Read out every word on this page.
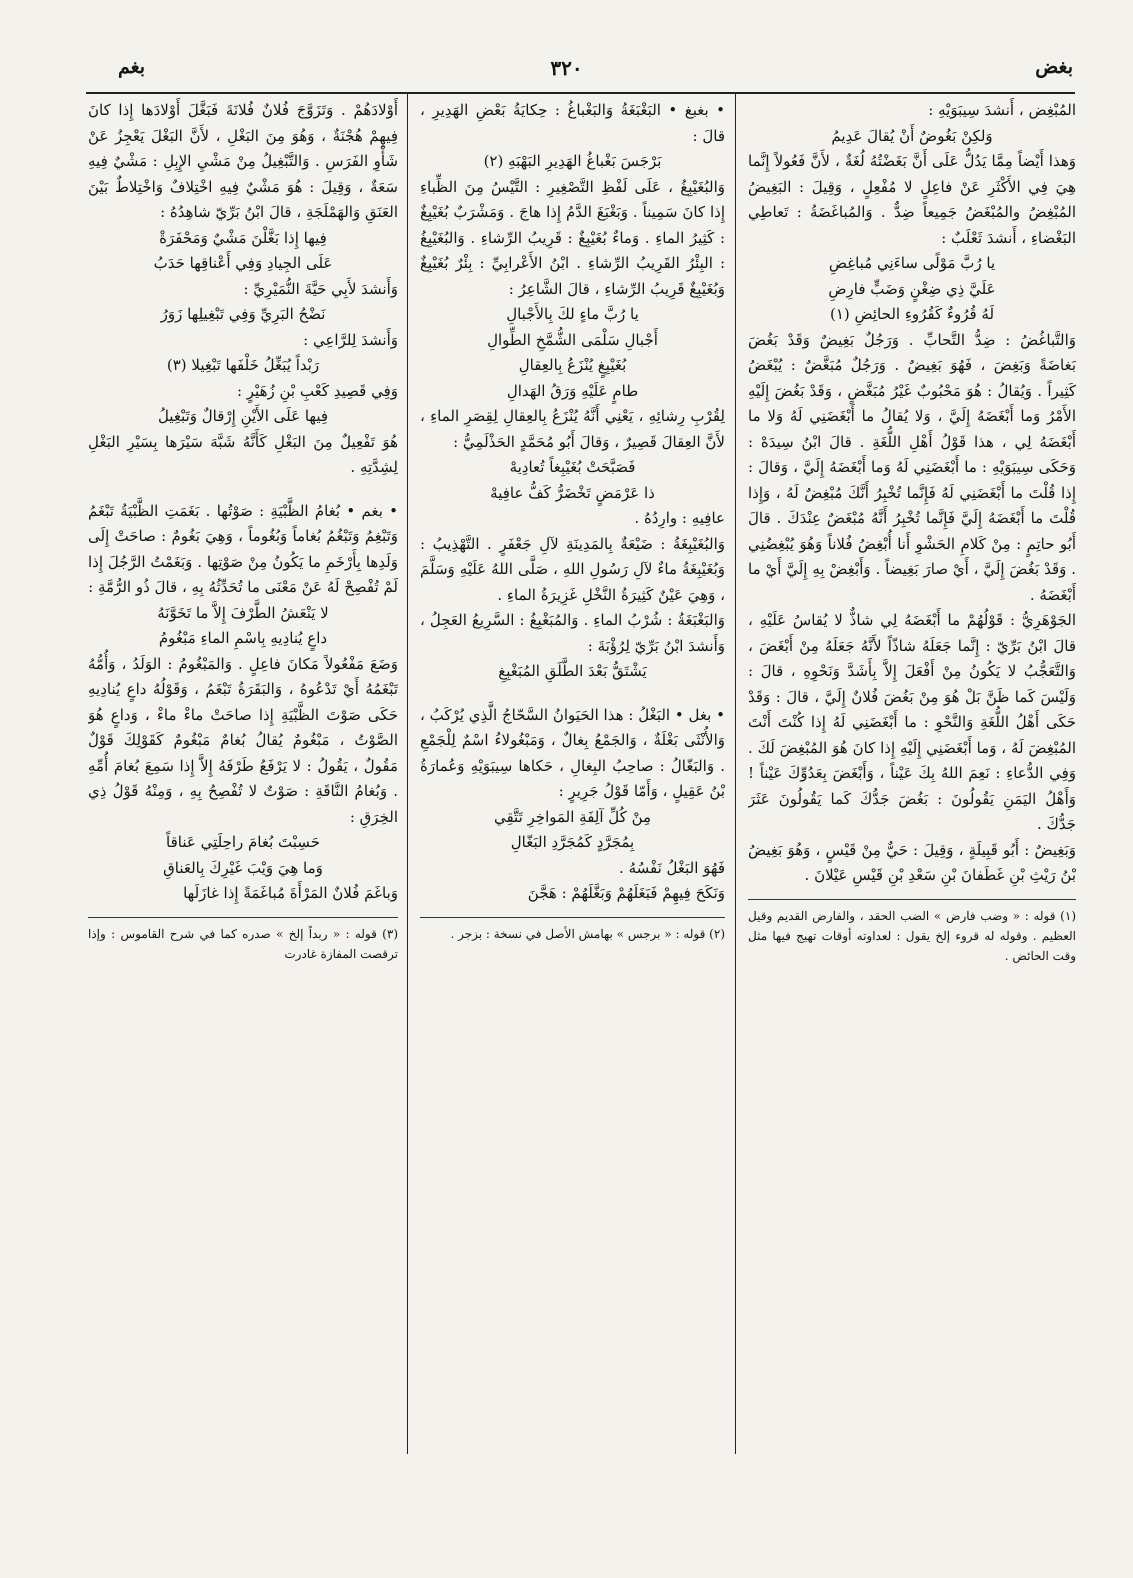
بغض
٣٢٠
بغم

المُبْغِض ، أَنشدَ سِيبَوَيْهِ :

وَلكِنْ بَغُوضٌ أَنْ يُقالَ عَدِيمُ

وَهذا أَيْضاً مِمَّا يَدُلُّ عَلَى أَنَّ بَغَضْتُهُ لُغَةٌ ، لأَنَّ فَعُولاً إِنَّما هِيَ فِي الأَكْثَرِ عَنْ فاعِلٍ لا مُفْعِلٍ ، وَقِيلَ : البَغِيضُ المُبْغِضُ والمُبْغَضُ جَمِيعاً ضِدٌّ . وَالمُباغَضَةُ : تَعاطِي البَغْضاءِ ، أَنشدَ ثَعْلَبٌ :

يا رُبَّ مَوْلًى ساءَنِي مُباغِضِ

عَلَيَّ ذِي ضِغْنٍ وَضَبٍّ فارِضِ

لَهُ قُرُوءٌ كَقُرُوءِ الحائِضِ (١)

وَالتَّباغُضُ : ضِدُّ التَّحابِّ . وَرَجُلٌ بَغِيضٌ وَقَدْ بَغُضَ بَغاضَةً وَبَغِضَ ، فَهُوَ بَغِيضٌ . وَرَجُلٌ مُبَغَّضٌ : يُبْغَضُ كَثِيراً . وَيُقالُ : هُوَ مَحْبُوبٌ غَيْرُ مُبَغَّضٍ ، وَقَدْ بَغُضَ إِلَيْهِ الأَمْرُ وَما أَبْغَضَهُ إِلَيَّ ، وَلا يُقالُ ما أَبْغَضَنِي لَهُ وَلا ما أَبْغَضَهُ لِي ، هذا قَوْلُ أَهْلِ اللُّغَةِ . قالَ ابْنُ سِيدَهْ : وَحَكَى سِيبَوَيْهِ : ما أَبْغَضَنِي لَهُ وَما أَبْغَضَهُ إِلَيَّ ، وَقالَ : إِذا قُلْتَ ما أَبْغَضَنِي لَهُ فَإِنَّما تُخْبِرُ أَنَّكَ مُبْغِضٌ لَهُ ، وَإِذا قُلْتَ ما أَبْغَضَهُ إِلَيَّ فَإِنَّما تُخْبِرُ أَنَّهُ مُبْغَضٌ عِنْدَكَ . قالَ أَبُو حاتِمٍ : مِنْ كَلامِ الحَشْوِ أَنا أُبْغِضُ فُلاناً وَهُوَ يُبْغِضُنِي . وَقَدْ بَغُضَ إِلَيَّ ، أَيْ صارَ بَغِيضاً . وَأَبْغِضْ بِهِ إِلَيَّ أَيْ ما أَبْغَضَهُ .

الجَوْهَرِيُّ : قَوْلُهُمْ ما أَبْغَضَهُ لِي شاذٌّ لا يُقاسُ عَلَيْهِ ، قالَ ابْنُ بَرِّيّ : إِنَّما جَعَلَهُ شاذّاً لأَنَّهُ جَعَلَهُ مِنْ أَبْغَضَ ، وَالتَّعَجُّبُ لا يَكُونُ مِنْ أَفْعَلَ إِلاَّ بِأَشَدَّ وَنَحْوِهِ ، قالَ : وَلَيْسَ كَما ظَنَّ بَلْ هُوَ مِنْ بَغُضَ فُلانٌ إِلَيَّ ، قالَ : وَقَدْ حَكَى أَهْلُ اللُّغَةِ وَالنَّحْوِ : ما أَبْغَضَنِي لَهُ إِذا كُنْتَ أَنْتَ المُبْغِضَ لَهُ ، وَما أَبْغَضَنِي إِلَيْهِ إِذا كانَ هُوَ المُبْغِضَ لَكَ . وَفِي الدُّعاءِ : نَعِمَ اللهُ بِكَ عَيْناً ، وَأَبْغَضَ بِعَدُوِّكَ عَيْناً ! وَأَهْلُ اليَمَنِ يَقُولُونَ : بَغُضَ جَدُّكَ كَما يَقُولُونَ عَثَرَ جَدُّكَ .

وَبَغِيضٌ : أَبُو قَبِيلَةٍ ، وَقِيلَ : حَيٌّ مِنْ قَيْسٍ ، وَهُوَ بَغِيضُ بْنُ رَيْثِ بْنِ غَطَفانَ بْنِ سَعْدِ بْنِ قَيْسِ عَيْلانَ .

(١) قوله : « وضب فارض » الضب الحقد ، والفارض القديم وقيل العظيم . وقوله له قروء إلخ يقول : لعداوته أوقات تهيج فيها مثل وقت الحائض .

• بغبغ • البَغْبَغَةُ وَالبَغْباغُ : حِكايَةُ بَعْضِ الهَدِيرِ ، قالَ :

بَرْجَسَ بَغْباغُ الهَدِيرِ البَهْبَهِ (٢)

وَالبُغَيْبِغُ ، عَلَى لَفْظِ التَّصْغِيرِ : التَّيْسُ مِنَ الظِّباءِ إِذا كانَ سَمِيناً . وَبَغْبَغَ الدَّمُ إِذا هاجَ . وَمَشْرَبٌ بُغَيْبِغٌ : كَثِيرُ الماءِ . وَماءٌ بُغَيْبِغٌ : قَرِيبُ الرِّشاءِ . وَالبُغَيْبِغُ : البِئْرُ القَرِيبُ الرِّشاءِ . ابْنُ الأَعْرابِيِّ : بِئْرٌ بُغَيْبِغٌ وَبُغَيْبِغٌ قَرِيبُ الرِّشاءِ ، قالَ الشَّاعِرُ :

يا رُبَّ ماءٍ لكَ بِالأَجْبالِ

أَجْبالِ سَلْمَى الشُّمَّخِ الطِّوالِ

بُغَيْبِغٍ يُنْزَعُ بِالعِقالِ

طامٍ عَلَيْهِ وَرَقُ الهَدالِ

لِقُرْبِ رِشائِهِ ، يَعْنِي أَنَّهُ يُنْزَعُ بِالعِقالِ لِقِصَرِ الماءِ ، لأَنَّ العِقالَ قَصِيرٌ ، وَقالَ أَبُو مُحَمَّدٍ الحَذْلَمِيُّ :

فَصَبَّحَتْ بُغَيْبِغاً تُعادِيهْ

ذا عَرْمَضٍ تَخْضَرُّ كَفُّ عافِيهْ

عافِيهِ : وارِدُهُ .

وَالبُغَيْبِغَةُ : ضَيْعَةٌ بِالمَدِينَةِ لآلِ جَعْفَرٍ . التَّهْذِيبُ : وَبُغَيْبِغَةُ ماءٌ لآلِ رَسُولِ اللهِ ، صَلَّى اللهُ عَلَيْهِ وَسَلَّمَ ، وَهِيَ عَيْنٌ كَثِيرَةُ النَّخْلِ غَزِيرَةُ الماءِ .

وَالبَغْبَغَةُ : شُرْبُ الماءِ . وَالمُبَغْبِغُ : السَّرِيعُ العَجِلُ ، وَأَنشدَ ابْنُ بَرِّيّ لِرُؤْبَةَ :

يَشْتَقُّ بَعْدَ الطَّلَقِ المُبَغْبِغِ

• بغل • البَغْلُ : هذا الحَيَوانُ السَّحّاجُ الَّذِي يُرْكَبُ ، وَالأُنْثَى بَغْلَةٌ ، وَالجَمْعُ بِغالٌ ، وَمَبْغُولاءُ اسْمٌ لِلْجَمْعِ . وَالبَغّالُ : صاحِبُ البِغالِ ، حَكاها سِيبَوَيْهِ وَعُمارَةُ بْنُ عَقِيلٍ ، وَأَمّا قَوْلُ جَرِيرٍ :

مِنْ كُلِّ آلِفَةِ المَواخِرِ تَتَّقِي

بِمُجَرَّدٍ كَمُجَرَّدِ البَغّالِ

فَهُوَ البَغْلُ نَفْسُهُ .

وَنَكَحَ فِيهِمْ فَبَغَلَهُمْ وَبَغَّلَهُمْ : هَجَّنَ

(٢) قوله : « برجس » بهامش الأصل في نسخة : بزجر .

أَوْلادَهُمْ . وَتَزَوَّجَ فُلانٌ فُلانَةَ فَبَغَّلَ أَوْلادَها إِذا كانَ فِيهِمْ هُجْنَةٌ ، وَهُوَ مِنَ البَغْلِ ، لأَنَّ البَغْلَ يَعْجِزُ عَنْ شَأْوِ الفَرَسِ . وَالتَّبْغِيلُ مِنْ مَشْيِ الإِبِلِ : مَشْيٌ فِيهِ سَعَةٌ ، وَقِيلَ : هُوَ مَشْيٌ فِيهِ اخْتِلافٌ وَاخْتِلاطٌ بَيْنَ العَنَقِ وَالهَمْلَجَةِ ، قالَ ابْنُ بَرِّيّ شاهِدُهُ :

فِيها إِذا بَغَّلْنَ مَشْيٌ وَمَحْفَرَةْ

عَلَى الجِيادِ وَفِي أَعْناقِها حَدَبُ

وَأَنشدَ لأَبِي حَيَّةَ النُّمَيْرِيِّ :

نَضْحُ البَرِيِّ وَفِي تَبْغِيلِها زَوَرُ

وَأَنشدَ لِلرَّاعِي :

رَبْداً يُبَغِّلُ خَلْفَها تَبْغِيلا (٣)

وَفِي قَصِيدِ كَعْبِ بْنِ زُهَيْرٍ :

فِيها عَلَى الأَيْنِ إِرْقالٌ وَتَبْغِيلُ

هُوَ تَفْعِيلٌ مِنَ البَغْلِ كَأَنَّهُ شَبَّهَ سَيْرَها بِسَيْرِ البَغْلِ لِشِدَّتِهِ .

• بغم • بُغامُ الظَّبْيَةِ : صَوْتُها . بَغَمَتِ الظَّبْيَةُ تَبْغَمُ وَتَبْغِمُ وَتَبْغُمُ بُغاماً وَبُغُوماً ، وَهِيَ بَغُومٌ : صاحَتْ إِلَى وَلَدِها بِأَرْخَمِ ما يَكُونُ مِنْ صَوْتِها . وَبَغَمْتُ الرَّجُلَ إِذا لَمْ تُفْصِحْ لَهُ عَنْ مَعْنَى ما تُحَدِّثُهُ بِهِ ، قالَ ذُو الرُّمَّةِ :

لا يَنْعَشُ الطَّرْفَ إِلاَّ ما تَخَوَّنَهُ

داعٍ يُنادِيهِ بِاسْمِ الماءِ مَبْغُومُ

وَضَعَ مَفْعُولاً مَكانَ فاعِلٍ . وَالمَبْغُومُ : الوَلَدُ ، وَأُمُّهُ تَبْغَمُهُ أَيْ تَدْعُوهُ ، وَالبَقَرَةُ تَبْغَمُ ، وَقَوْلُهُ داعٍ يُنادِيهِ حَكَى صَوْتَ الظَّبْيَةِ إِذا صاحَتْ ماءْ ماءْ ، وَداعٍ هُوَ الصَّوْتُ ، مَبْغُومٌ يُقالُ بُغامٌ مَبْغُومٌ كَقَوْلِكَ قَوْلٌ مَقُولٌ ، يَقُولُ : لا يَرْفَعُ طَرْفَهُ إِلاَّ إِذا سَمِعَ بُغامَ أُمِّهِ . وَبُغامُ النَّاقَةِ : صَوْتٌ لا تُفْصِحُ بِهِ ، وَمِنْهُ قَوْلُ ذِي الخِرَقِ :

حَسِبْتَ بُغامَ راحِلَتِي عَناقاً

وَما هِيَ وَيْبَ غَيْرِكَ بِالعَناقِ

وَباغَمَ فُلانٌ المَرْأَةَ مُباغَمَةً إِذا غازَلَها

(٣) قوله : « ربداً إلخ » صدره كما في شرح القاموس : وإذا ترقصت المفازة غادرت
